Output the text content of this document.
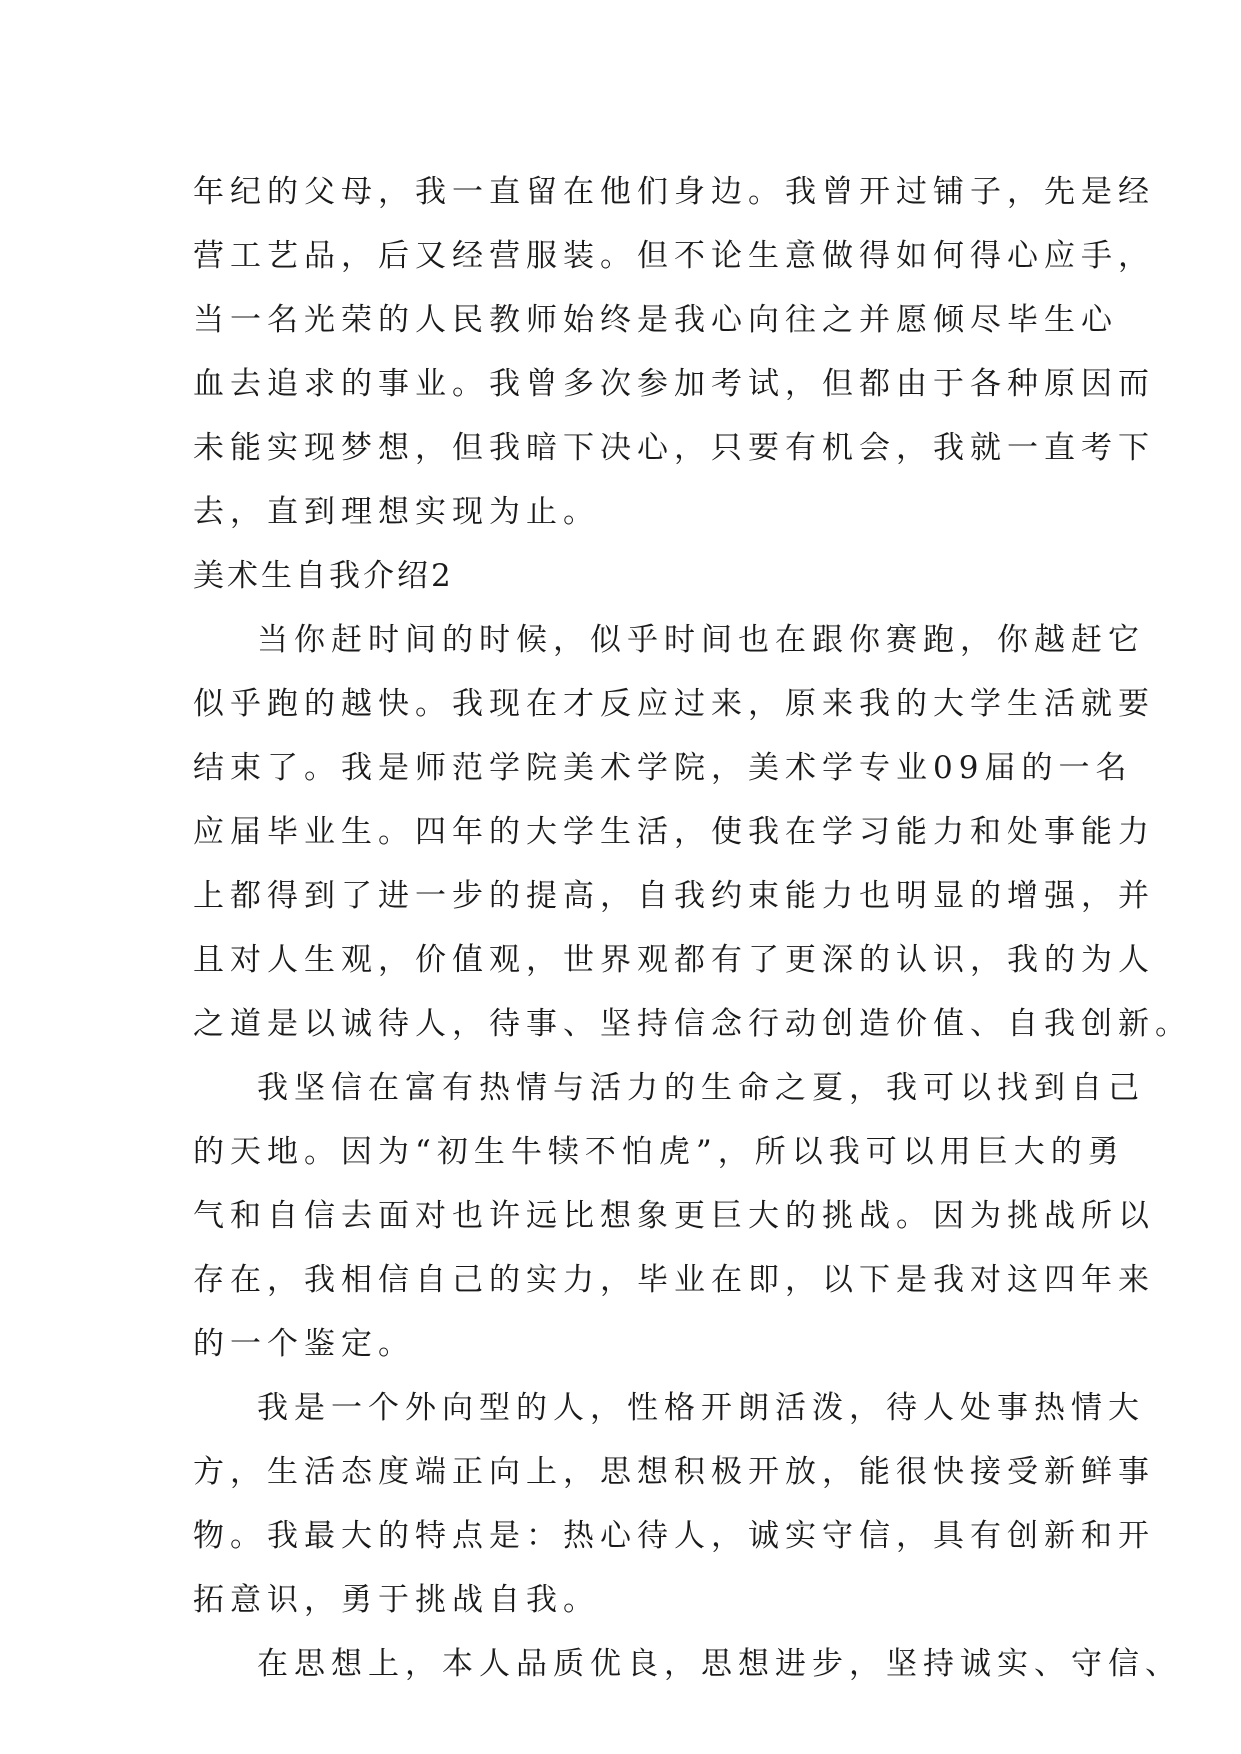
年纪的父母，我一直留在他们身边。我曾开过铺子，先是经
营工艺品，后又经营服装。但不论生意做得如何得心应手，
当一名光荣的人民教师始终是我心向往之并愿倾尽毕生心
血去追求的事业。我曾多次参加考试，但都由于各种原因而
未能实现梦想，但我暗下决心，只要有机会，我就一直考下
去，直到理想实现为止。
美术生自我介绍2
当你赶时间的时候，似乎时间也在跟你赛跑，你越赶它
似乎跑的越快。我现在才反应过来，原来我的大学生活就要
结束了。我是师范学院美术学院，美术学专业09届的一名
应届毕业生。四年的大学生活，使我在学习能力和处事能力
上都得到了进一步的提高，自我约束能力也明显的增强，并
且对人生观，价值观，世界观都有了更深的认识，我的为人
之道是以诚待人，待事、坚持信念行动创造价值、自我创新。
我坚信在富有热情与活力的生命之夏，我可以找到自己
的天地。因为“初生牛犊不怕虎”，所以我可以用巨大的勇
气和自信去面对也许远比想象更巨大的挑战。因为挑战所以
存在，我相信自己的实力，毕业在即，以下是我对这四年来
的一个鉴定。
我是一个外向型的人，性格开朗活泼，待人处事热情大
方，生活态度端正向上，思想积极开放，能很快接受新鲜事
物。我最大的特点是：热心待人，诚实守信，具有创新和开
拓意识，勇于挑战自我。
在思想上，本人品质优良，思想进步，坚持诚实、守信、
